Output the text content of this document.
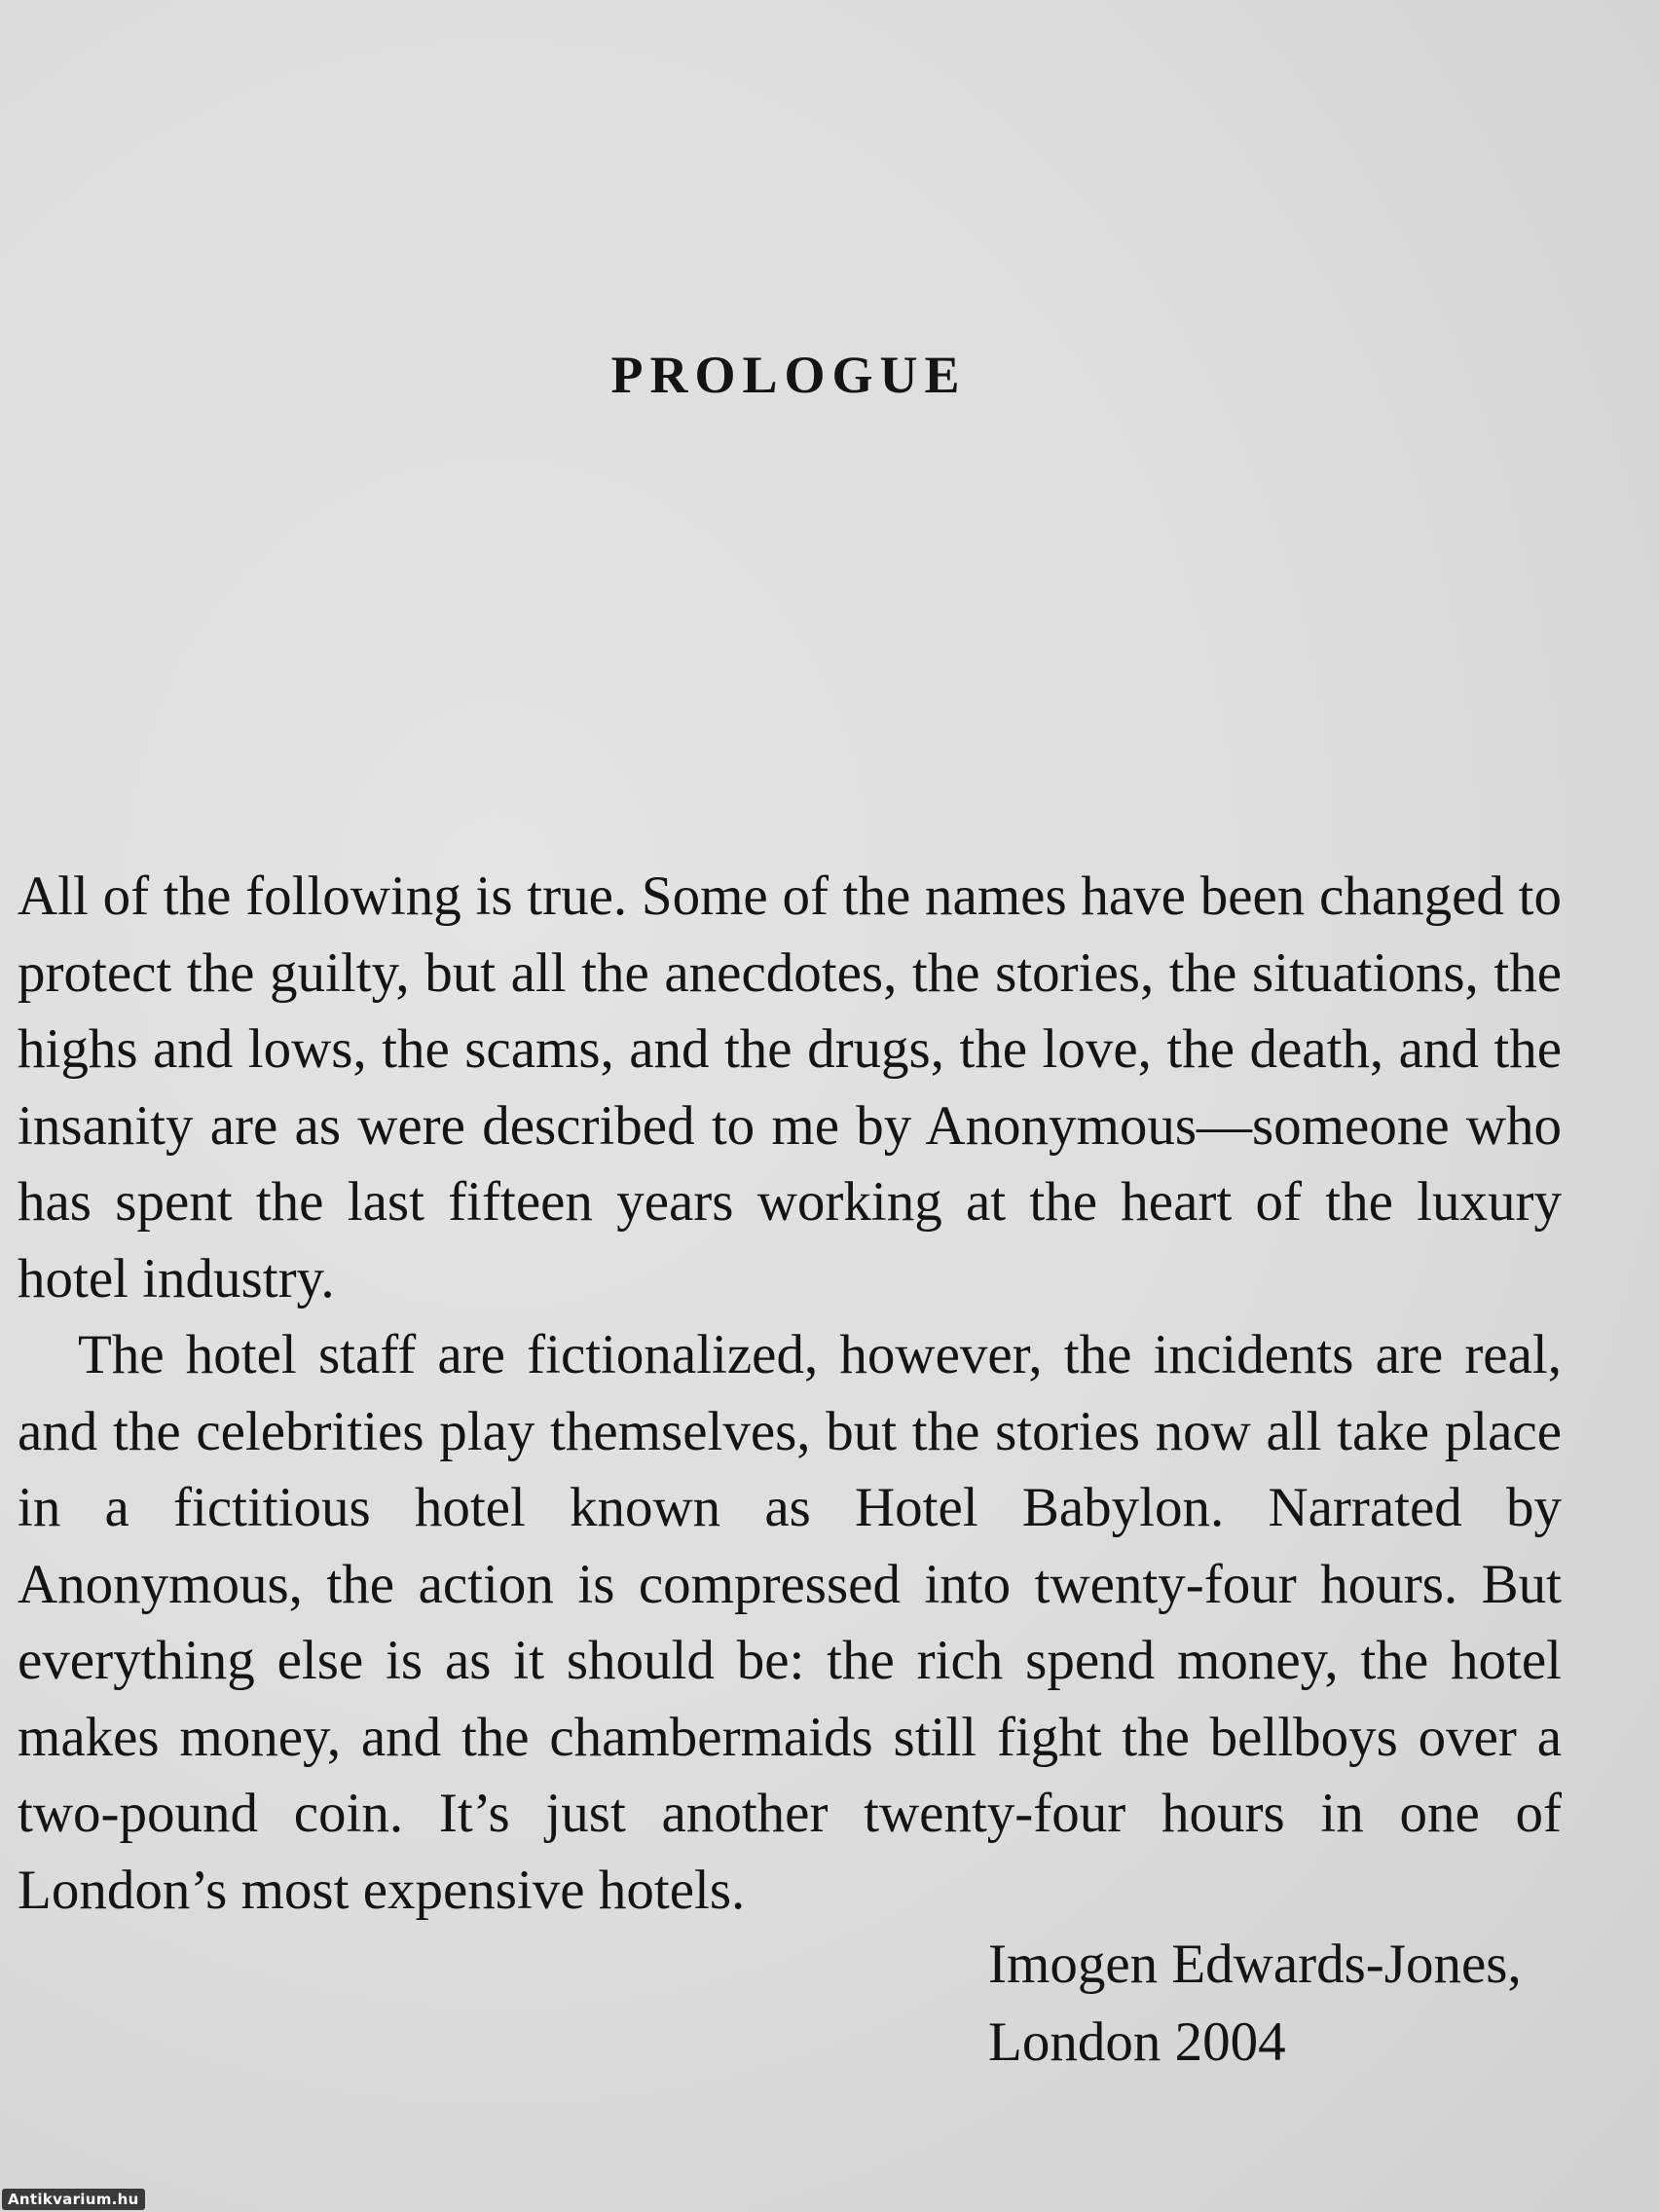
PROLOGUE

All of the following is true. Some of the names have been changed to protect the guilty, but all the anecdotes, the stories, the situations, the highs and lows, the scams, and the drugs, the love, the death, and the insanity are as were described to me by Anonymous—someone who has spent the last fifteen years working at the heart of the luxury hotel industry.

The hotel staff are fictionalized, however, the incidents are real, and the celebrities play themselves, but the stories now all take place in a fictitious hotel known as Hotel Babylon. Narrated by Anonymous, the action is compressed into twenty-four hours. But everything else is as it should be: the rich spend money, the hotel makes money, and the chambermaids still fight the bellboys over a two-pound coin. It’s just another twenty-four hours in one of London’s most expensive hotels.

Imogen Edwards-Jones,
London 2004
Antikvarium.hu
